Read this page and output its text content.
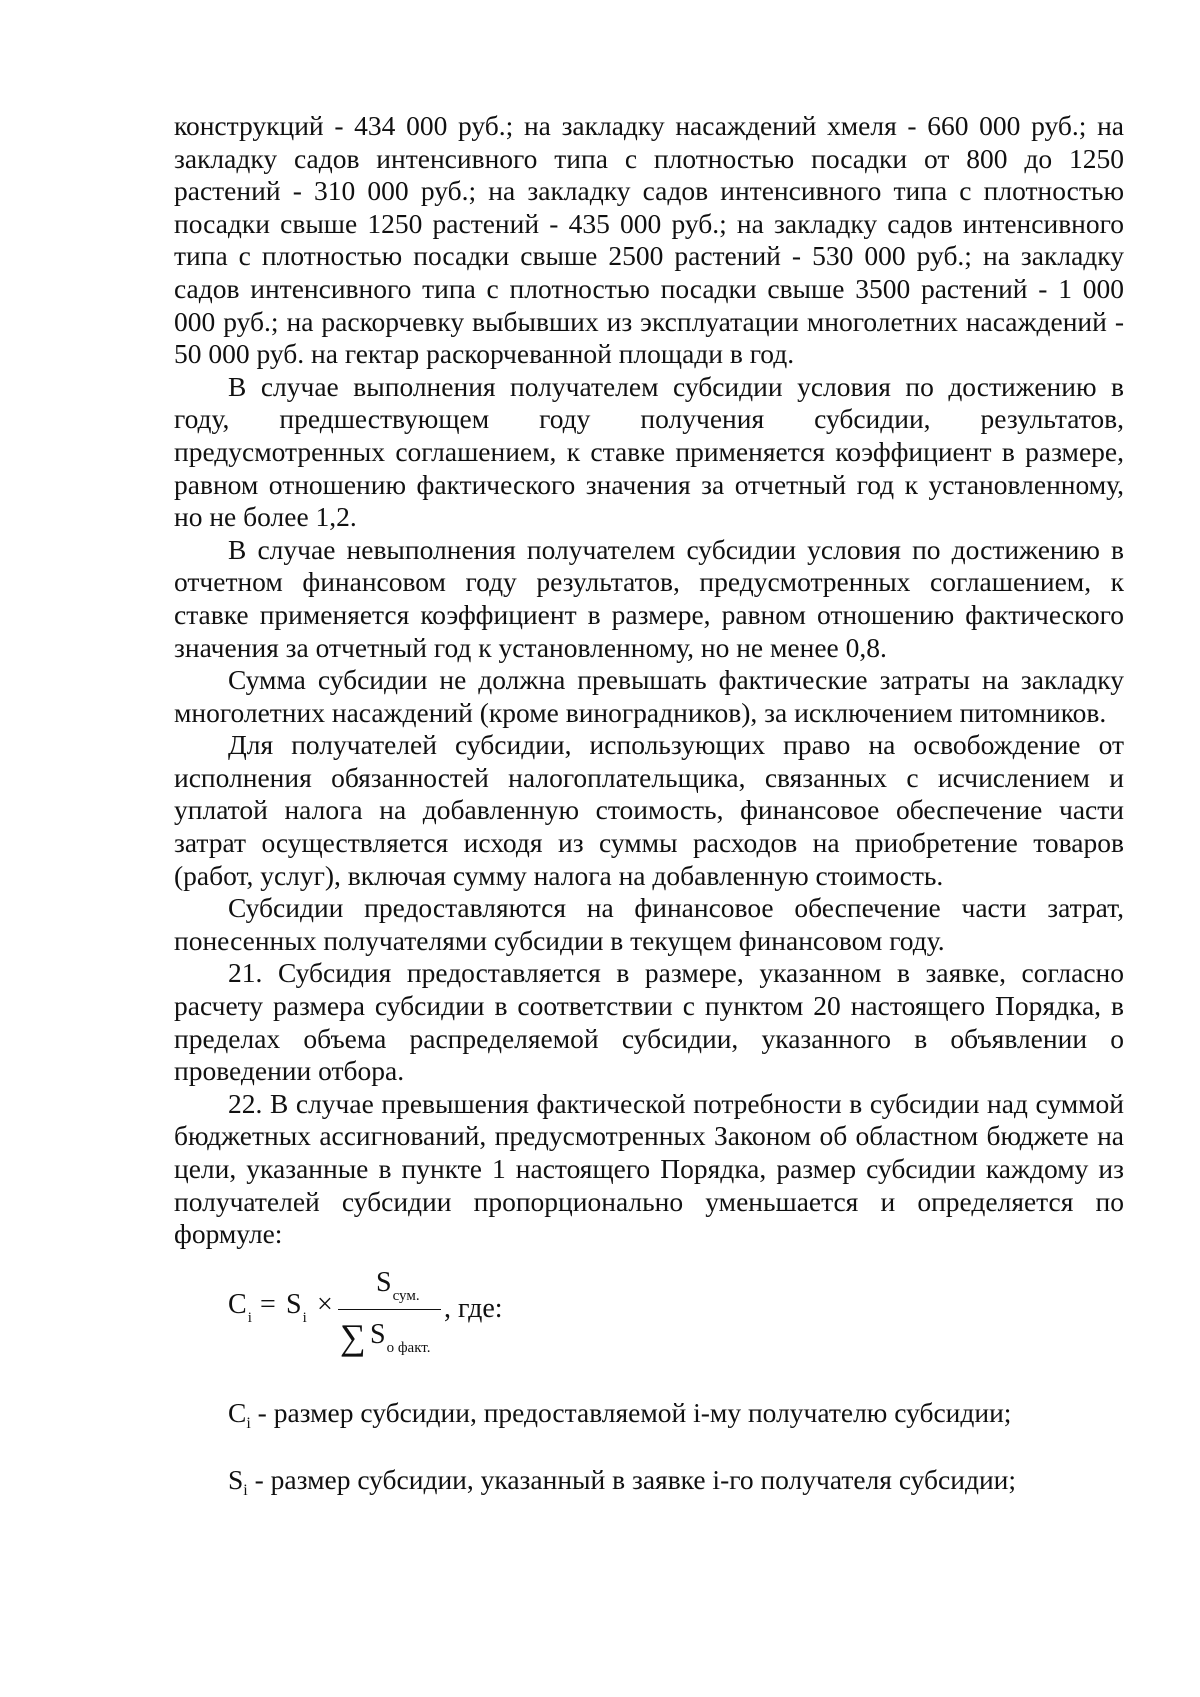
конструкций - 434 000 руб.; на закладку насаждений хмеля - 660 000 руб.; на закладку садов интенсивного типа с плотностью посадки от 800 до 1250 растений - 310 000 руб.; на закладку садов интенсивного типа с плотностью посадки свыше 1250 растений - 435 000 руб.; на закладку садов интенсивного типа с плотностью посадки свыше 2500 растений - 530 000 руб.; на закладку садов интенсивного типа с плотностью посадки свыше 3500 растений - 1 000 000 руб.; на раскорчевку выбывших из эксплуатации многолетних насаждений - 50 000 руб. на гектар раскорчеванной площади в год.

В случае выполнения получателем субсидии условия по достижению в году, предшествующем году получения субсидии, результатов, предусмотренных соглашением, к ставке применяется коэффициент в размере, равном отношению фактического значения за отчетный год к установленному, но не более 1,2.

В случае невыполнения получателем субсидии условия по достижению в отчетном финансовом году результатов, предусмотренных соглашением, к ставке применяется коэффициент в размере, равном отношению фактического значения за отчетный год к установленному, но не менее 0,8.

Сумма субсидии не должна превышать фактические затраты на закладку многолетних насаждений (кроме виноградников), за исключением питомников.

Для получателей субсидии, использующих право на освобождение от исполнения обязанностей налогоплательщика, связанных с исчислением и уплатой налога на добавленную стоимость, финансовое обеспечение части затрат осуществляется исходя из суммы расходов на приобретение товаров (работ, услуг), включая сумму налога на добавленную стоимость.

Субсидии предоставляются на финансовое обеспечение части затрат, понесенных получателями субсидии в текущем финансовом году.

21. Субсидия предоставляется в размере, указанном в заявке, согласно расчету размера субсидии в соответствии с пунктом 20 настоящего Порядка, в пределах объема распределяемой субсидии, указанного в объявлении о проведении отбора.

22. В случае превышения фактической потребности в субсидии над суммой бюджетных ассигнований, предусмотренных Законом об областном бюджете на цели, указанные в пункте 1 настоящего Порядка, размер субсидии каждому из получателей субсидии пропорционально уменьшается и определяется по формуле:

$C_i = S_i$ ×
$S_{сум.}$
∑ $S_{о факт.}$
, где:

$C_i$ - размер субсидии, предоставляемой i-му получателю субсидии;

$S_i$ - размер субсидии, указанный в заявке i-го получателя субсидии;
